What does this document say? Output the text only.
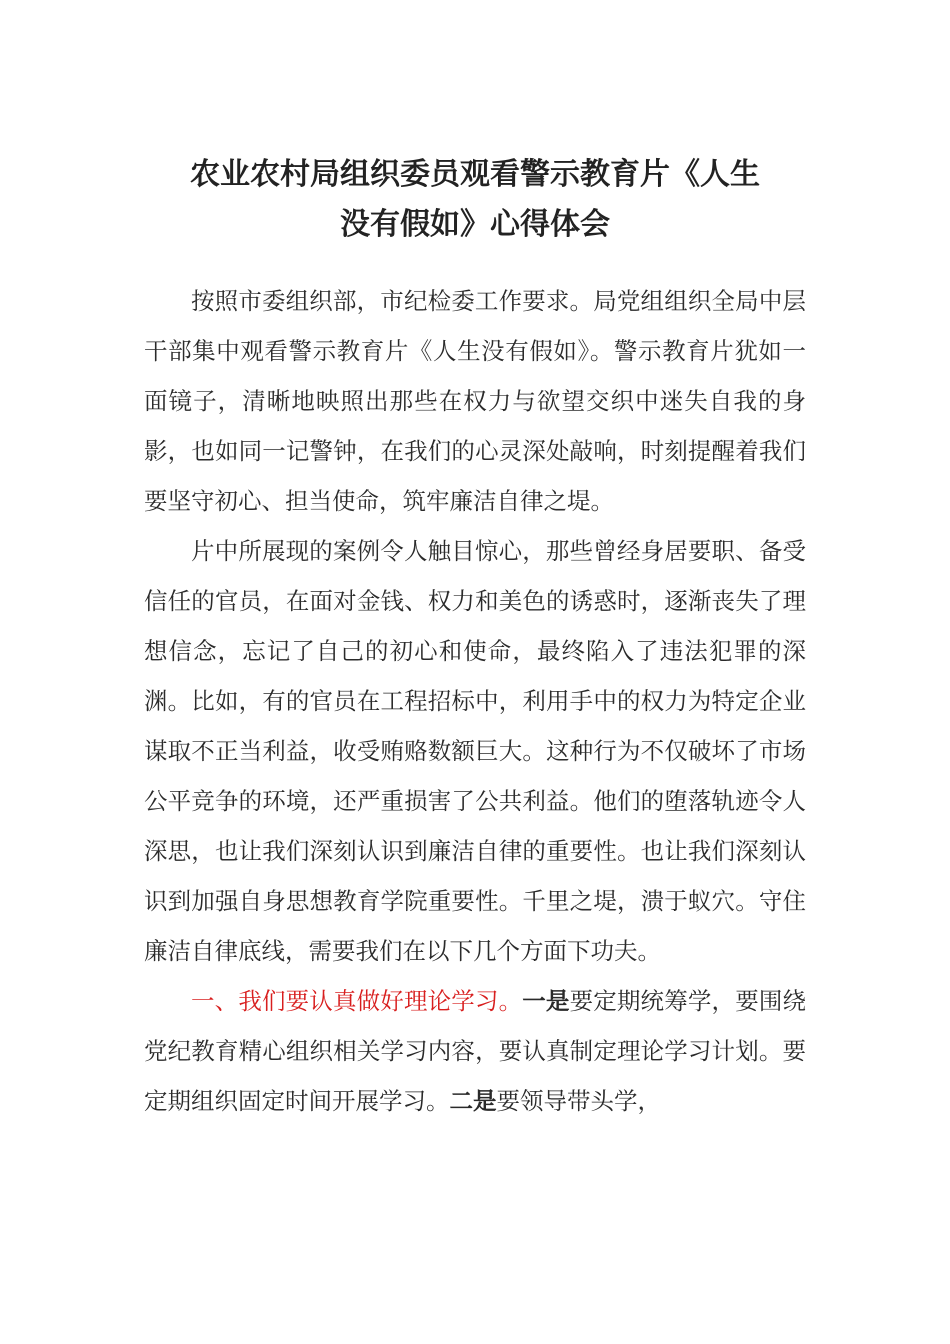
农业农村局组织委员观看警示教育片《人生
没有假如》心得体会

按照市委组织部，市纪检委工作要求。局党组组织全局中层干部集中观看警示教育片《人生没有假如》。警示教育片犹如一面镜子，清晰地映照出那些在权力与欲望交织中迷失自我的身影，也如同一记警钟，在我们的心灵深处敲响，时刻提醒着我们要坚守初心、担当使命，筑牢廉洁自律之堤。

片中所展现的案例令人触目惊心，那些曾经身居要职、备受信任的官员，在面对金钱、权力和美色的诱惑时，逐渐丧失了理想信念，忘记了自己的初心和使命，最终陷入了违法犯罪的深渊。比如，有的官员在工程招标中，利用手中的权力为特定企业谋取不正当利益，收受贿赂数额巨大。这种行为不仅破坏了市场公平竞争的环境，还严重损害了公共利益。他们的堕落轨迹令人深思，也让我们深刻认识到廉洁自律的重要性。也让我们深刻认识到加强自身思想教育学院重要性。千里之堤，溃于蚁穴。守住廉洁自律底线，需要我们在以下几个方面下功夫。

一、我们要认真做好理论学习。一是要定期统筹学，要围绕党纪教育精心组织相关学习内容，要认真制定理论学习计划。要定期组织固定时间开展学习。二是要领导带头学，
